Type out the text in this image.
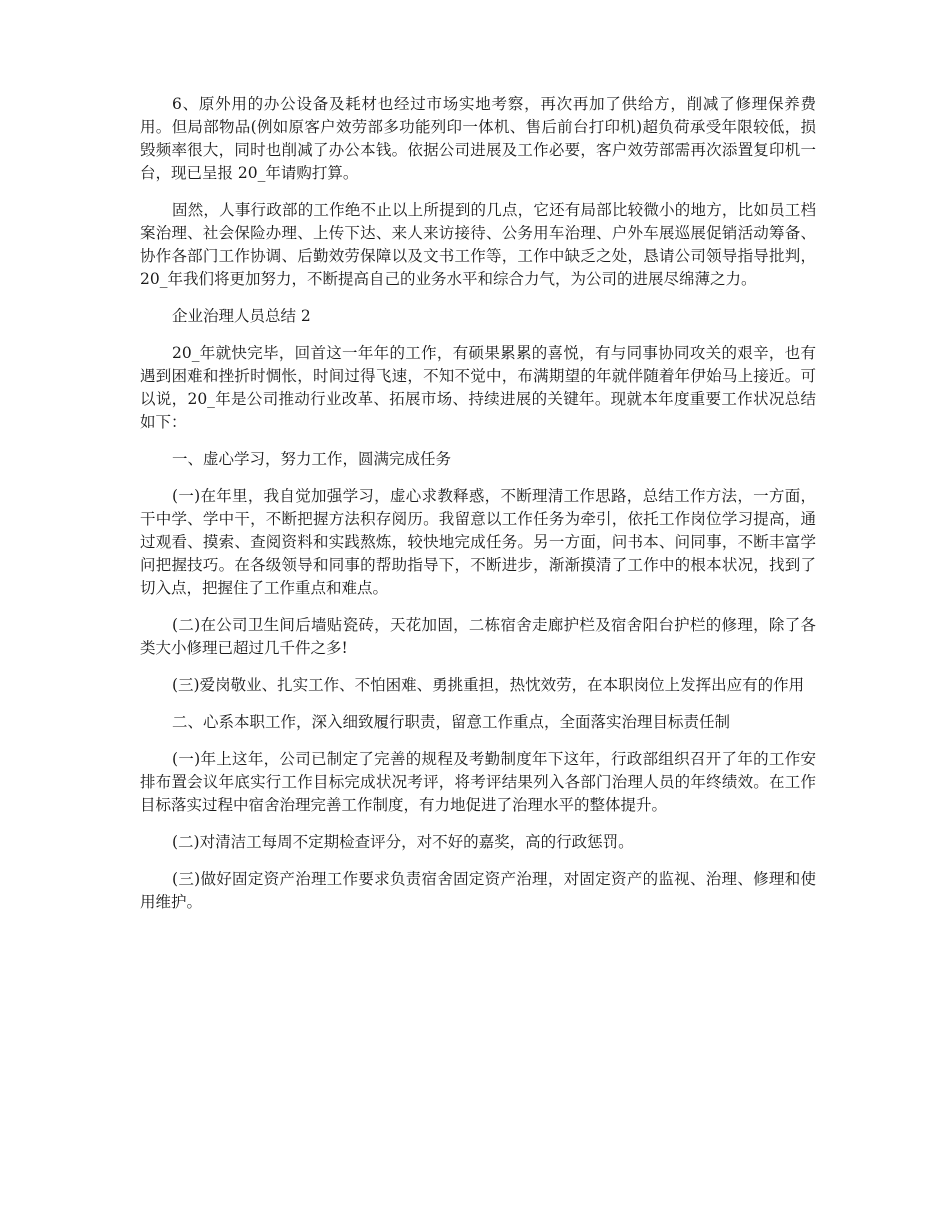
6、原外用的办公设备及耗材也经过市场实地考察，再次再加了供给方，削减了修理保养费用。但局部物品(例如原客户效劳部多功能列印一体机、售后前台打印机)超负荷承受年限较低，损毁频率很大，同时也削减了办公本钱。依据公司进展及工作必要，客户效劳部需再次添置复印机一台，现已呈报 20_年请购打算。

固然，人事行政部的工作绝不止以上所提到的几点，它还有局部比较微小的地方，比如员工档案治理、社会保险办理、上传下达、来人来访接待、公务用车治理、户外车展巡展促销活动筹备、协作各部门工作协调、后勤效劳保障以及文书工作等，工作中缺乏之处，恳请公司领导指导批判，20_年我们将更加努力，不断提高自己的业务水平和综合力气，为公司的进展尽绵薄之力。

企业治理人员总结 2

20_年就快完毕，回首这一年年的工作，有硕果累累的喜悦，有与同事协同攻关的艰辛，也有遇到困难和挫折时惆怅，时间过得飞速，不知不觉中，布满期望的年就伴随着年伊始马上接近。可以说，20_年是公司推动行业改革、拓展市场、持续进展的关键年。现就本年度重要工作状况总结如下：

一、虚心学习，努力工作，圆满完成任务

(一)在年里，我自觉加强学习，虚心求教释惑，不断理清工作思路，总结工作方法，一方面，干中学、学中干，不断把握方法积存阅历。我留意以工作任务为牵引，依托工作岗位学习提高，通过观看、摸索、查阅资料和实践熬炼，较快地完成任务。另一方面，问书本、问同事，不断丰富学问把握技巧。在各级领导和同事的帮助指导下，不断进步，渐渐摸清了工作中的根本状况，找到了切入点，把握住了工作重点和难点。

(二)在公司卫生间后墙贴瓷砖，天花加固，二栋宿舍走廊护栏及宿舍阳台护栏的修理，除了各类大小修理已超过几千件之多!

(三)爱岗敬业、扎实工作、不怕困难、勇挑重担，热忱效劳，在本职岗位上发挥出应有的作用

二、心系本职工作，深入细致履行职责，留意工作重点，全面落实治理目标责任制

(一)年上这年，公司已制定了完善的规程及考勤制度年下这年，行政部组织召开了年的工作安排布置会议年底实行工作目标完成状况考评，将考评结果列入各部门治理人员的年终绩效。在工作目标落实过程中宿舍治理完善工作制度，有力地促进了治理水平的整体提升。

(二)对清洁工每周不定期检查评分，对不好的嘉奖，高的行政惩罚。

(三)做好固定资产治理工作要求负责宿舍固定资产治理，对固定资产的监视、治理、修理和使用维护。
